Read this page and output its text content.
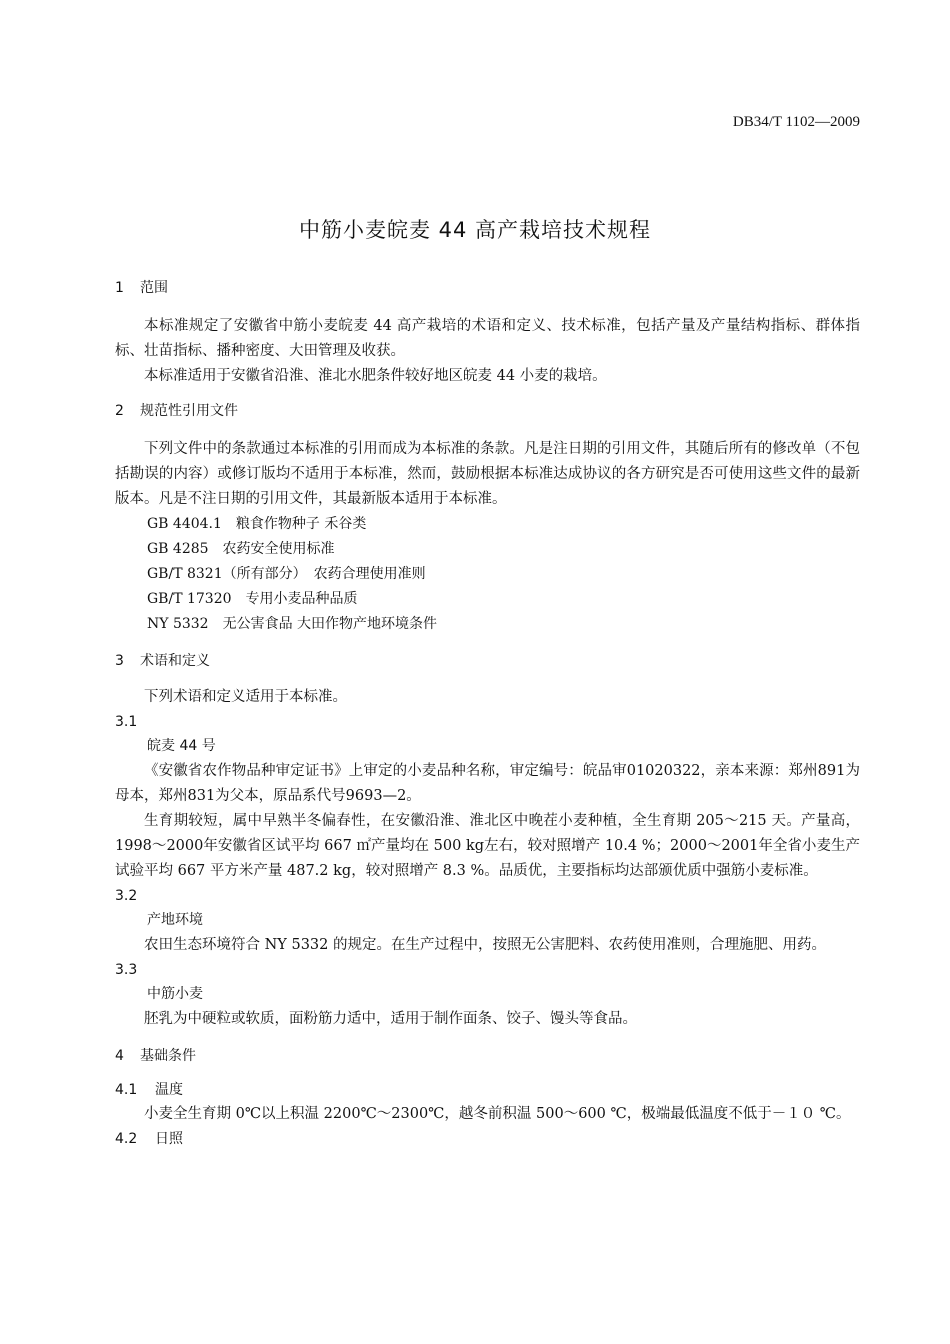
DB34/T 1102—2009
中筋小麦皖麦 44 高产栽培技术规程
1 范围
本标准规定了安徽省中筋小麦皖麦 44 高产栽培的术语和定义、技术标准，包括产量及产量结构指标、群体指标、壮苗指标、播种密度、大田管理及收获。
本标准适用于安徽省沿淮、淮北水肥条件较好地区皖麦 44 小麦的栽培。
2 规范性引用文件
下列文件中的条款通过本标准的引用而成为本标准的条款。凡是注日期的引用文件，其随后所有的修改单（不包括勘误的内容）或修订版均不适用于本标准，然而，鼓励根据本标准达成协议的各方研究是否可使用这些文件的最新版本。凡是不注日期的引用文件，其最新版本适用于本标准。
GB 4404.1　粮食作物种子 禾谷类
GB 4285　农药安全使用标准
GB/T 8321（所有部分）　农药合理使用准则
GB/T 17320　专用小麦品种品质
NY 5332　无公害食品 大田作物产地环境条件
3 术语和定义
下列术语和定义适用于本标准。
3.1
皖麦 44 号
《安徽省农作物品种审定证书》上审定的小麦品种名称，审定编号：皖品审01020322，亲本来源：郑州891为母本，郑州831为父本，原品系代号9693—2。
生育期较短，属中早熟半冬偏春性，在安徽沿淮、淮北区中晚茬小麦种植，全生育期 205～215 天。产量高，1998～2000年安徽省区试平均 667 ㎡产量均在 500 kg左右，较对照增产 10.4 %；2000～2001年全省小麦生产试验平均 667 平方米产量 487.2 kg，较对照增产 8.3 %。品质优，主要指标均达部颁优质中强筋小麦标准。
3.2
产地环境
农田生态环境符合 NY 5332 的规定。在生产过程中，按照无公害肥料、农药使用准则，合理施肥、用药。
3.3
中筋小麦
胚乳为中硬粒或软质，面粉筋力适中，适用于制作面条、饺子、馒头等食品。
4 基础条件
4.1 温度
小麦全生育期 0℃以上积温 2200℃～2300℃，越冬前积温 500～600 ℃，极端最低温度不低于－１０ ℃。
4.2 日照
